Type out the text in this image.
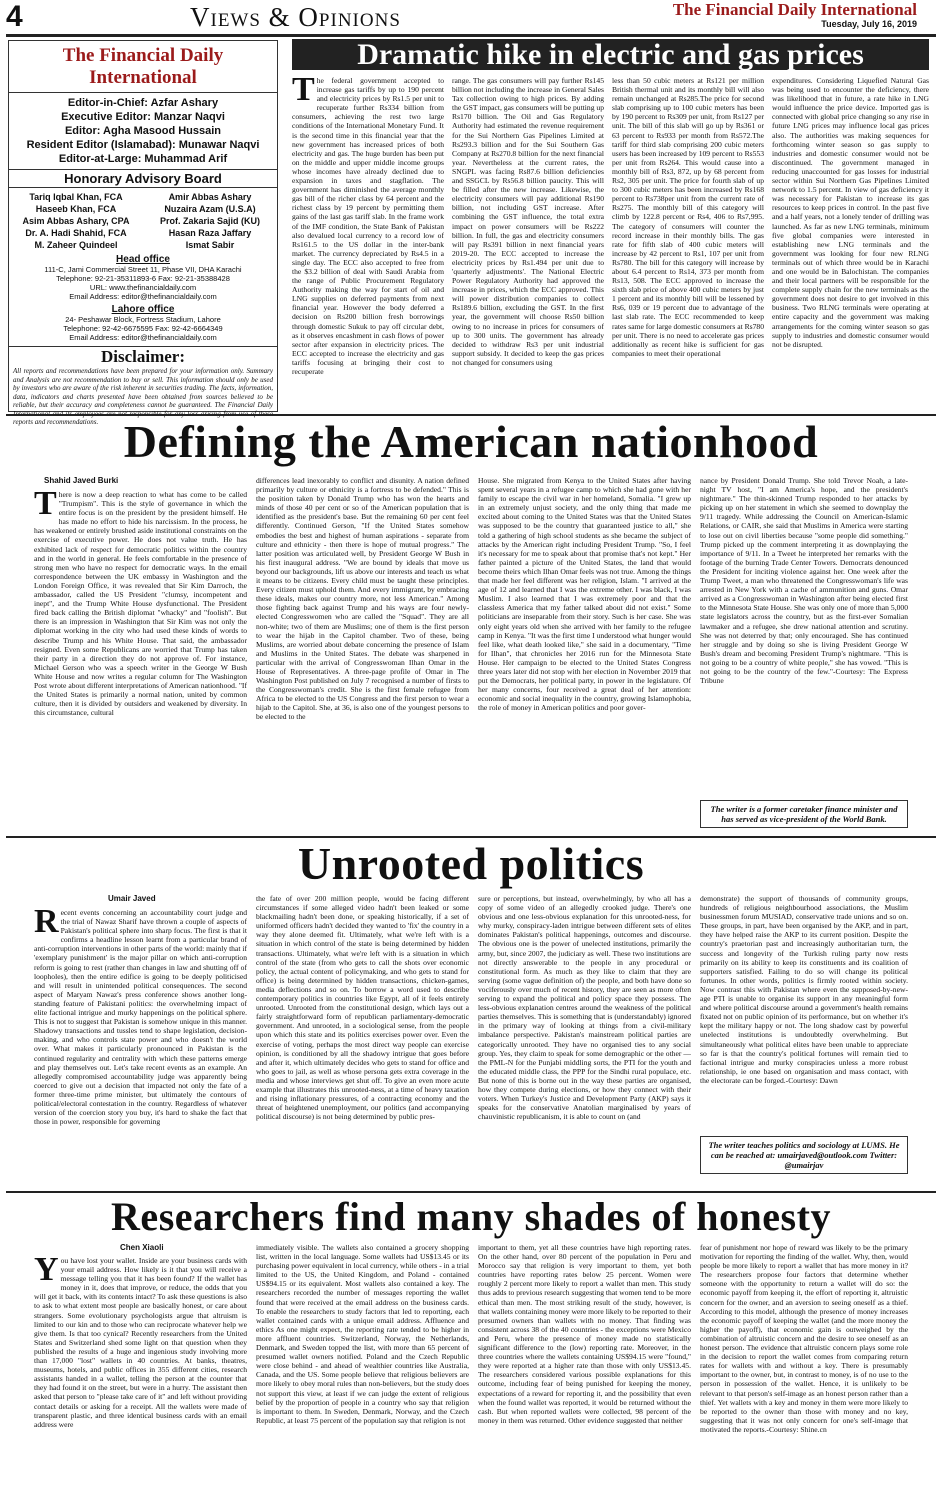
4	Views & Opinions	The Financial Daily International
Tuesday, July 16, 2019
The Financial Daily International
Editor-in-Chief: Azfar Ashary
Executive Editor: Manzar Naqvi
Editor: Agha Masood Hussain
Resident Editor (Islamabad): Munawar Naqvi
Editor-at-Large: Muhammad Arif
Honorary Advisory Board
Tariq Iqbal Khan, FCA	Amir Abbas Ashary
Haseeb Khan, FCA	Nuzaira Azam (U.S.A)
Asim Abbas Ashary, CPA	Prof. Zakaria Sajid (KU)
Dr. A. Hadi Shahid, FCA	Hasan Raza Jaffary
M. Zaheer Quindeel	Ismat Sabir
Head office
111-C, Jami Commercial Street 11, Phase VII, DHA Karachi
Telephone: 92-21-35311893-6 Fax: 92-21-35388428
URL: www.thefinancialdaily.com
Email Address: editor@thefinancialdaily.com
Lahore office
24- Peshawar Block, Fortress Stadium, Lahore
Telephone: 92-42-6675595 Fax: 92-42-6664349
Email Address: editor@thefinancialdaily.com
Disclaimer:
All reports and recommendations have been prepared for your information only. Summary and Analysis are not recommendation to buy or sell. This information should only be used by investors who are aware of the risk inherent in securities trading. The facts, information, data, indicators and charts presented have been obtained from sources believed to be reliable, but their accuracy and completeness cannot be guaranteed. The Financial Daily reports and recommendations.
Dramatic hike in electric and gas prices
The federal government accepted to increase gas tariffs by up to 190 percent and electricity prices by Rs1.5 per unit to recuperate further Rs334 billion from consumers, achieving the rest two large conditions of the International Monetary Fund. It is the second time in this financial year that the new government has increased prices of both electricity and gas. The huge burden has been put on the middle and upper middle income groups whose incomes have already declined due to expansion in taxes and stagflation. The government has diminished the average monthly gas bill of the richer class by 64 percent and the richest class by 19 percent by permitting them gains of the last gas tariff slab. In the frame work of the IMF condition, the State Bank of Pakistan also devalued local currency to a record low of Rs161.5 to the US dollar in the inter-bank market. The currency depreciated by Rs4.5 in a single day. The ECC also accepted to free from the $3.2 billion of deal with Saudi Arabia from the range of Public Procurement Regulatory Authority making the way for start of oil and LNG supplies on deferred payments from next financial year. However the body deferred a decision on Rs200 billion fresh borrowings through domestic Sukuk to pay off circular debt, as it observes encashment in cash flows of power sector after expansion in electricity prices. The ECC accepted to increase the electricity and gas tariffs focusing at bringing their cost to recuperate
range. The gas consumers will pay further Rs145 billion not including the increase in General Sales Tax collection owing to high prices. By adding the GST impact, gas consumers will be putting up Rs170 billion. The Oil and Gas Regulatory Authority had estimated the revenue requirement for the Sui Northern Gas Pipelines Limited at Rs293.3 billion and for the Sui Southern Gas Company at Rs270.8 billion for the next financial year. Nevertheless at the current rates, the SNGPL was facing Rs87.6 billion deficiencies and SSGCL by Rs56.8 billion paucity. This will be filled after the new increase. Likewise, the electricity consumers will pay additional Rs190 billion, not including GST increase. After combining the GST influence, the total extra impact on power consumers will be Rs222 billion. In full, the gas and electricity consumers will pay Rs391 billion in next financial years 2019-20. The ECC accepted to increase the electricity prices by Rs1.494 per unit due to 'quarterly adjustments'. The National Electric Power Regulatory Authority had approved the increase in prices, which the ECC approved. This will power distribution companies to collect Rs189.6 billion, excluding the GST. In the first year, the government will choose Rs50 billion owing to no increase in prices for consumers of up to 300 units. The government has already decided to withdraw Rs3 per unit industrial support subsidy. It decided to keep the gas prices not changed for consumers using
less than 50 cubic meters at Rs121 per million British thermal unit and its monthly bill will also remain unchanged at Rs285.The price for second slab comprising up to 100 cubic meters has been by 190 percent to Rs309 per unit, from Rs127 per unit. The bill of this slab will go up by Rs361 or 63 percent to Rs933 per month from Rs572.The tariff for third slab comprising 200 cubic meters users has been increased by 109 percent to Rs553 per unit from Rs264. This would cause into a monthly bill of Rs3, 872, up by 68 percent from Rs2, 305 per unit. The price for fourth slab of up to 300 cubic meters has been increased by Rs168 percent to Rs738per unit from the current rate of Rs275. The monthly bill of this category will climb by 122.8 percent or Rs4, 406 to Rs7,995. The category of consumers will counter the record increase in their monthly bills. The gas rate for fifth slab of 400 cubic meters will increase by 42 percent to Rs1, 107 per unit from Rs780. The bill for this category will increase by about 6.4 percent to Rs14, 373 per month from Rs13, 508. The ECC approved to increase the sixth slab price of above 400 cubic meters by just 1 percent and its monthly bill will be lessened by Rs6, 039 or 19 percent due to advantage of the last slab rate. The ECC recommended to keep rates same for large domestic consumers at Rs780 per unit. There is no need to accelerate gas prices additionally as recent hike is sufficient for gas companies to meet their operational
expenditures. Considering Liquefied Natural Gas was being used to encounter the deficiency, there was likelihood that in future, a rate hike in LNG would influence the price device. Imported gas is connected with global price changing so any rise in future LNG prices may influence local gas prices also. The authorities was making sequences for forthcoming winter season so gas supply to industries and domestic consumer would not be discontinued. The government managed in reducing unaccounted for gas losses for industrial sector within Sui Northern Gas Pipelines Limited network to 1.5 percent. In view of gas deficiency it was necessary for Pakistan to increase its gas resources to keep prices in control. In the past five and a half years, not a lonely tender of drilling was launched. As far as new LNG terminals, minimum five global companies were interested in establishing new LNG terminals and the government was looking for four new RLNG terminals out of which three would be in Karachi and one would be in Balochistan. The companies and their local partners will be responsible for the complete supply chain for the new terminals as the government does not desire to get involved in this business. Two RLNG terminals were operating at entire capacity and the government was making arrangements for the coming winter season so gas supply to industries and domestic consumer would not be disrupted.
Defining the American nationhood
Shahid Javed Burki
There is now a deep reaction to what has come to be called "Trumpism". This is the style of governance in which the entire focus is on the president by the president himself. He has made no effort to hide his narcissism. In the process, he has weakened or entirely brushed aside institutional constraints on the exercise of executive power. He does not value truth. He has exhibited lack of respect for democratic politics within the country and in the world in general. He feels comfortable in the presence of strong men who have no respect for democratic ways. In the email correspondence between the UK embassy in Washington and the London Foreign Office, it was revealed that Sir Kim Darroch, the ambassador, called the US President "clumsy, incompetent and inept", and the Trump White House dysfunctional. The President fired back calling the British diplomat "whacky" and "foolish". But there is an impression in Washington that Sir Kim was not only the diplomat working in the city who had used these kinds of words to describe Trump and his White House. That said, the ambassador resigned. Even some Republicans are worried that Trump has taken their party in a direction they do not approve of. For instance, Michael Gerson who was a speech writer in the George W Bush White House and now writes a regular column for The Washington Post wrote about different interpretations of American nationhood. "If the United States is primarily a normal nation, united by common culture, then it is divided by outsiders and weakened by diversity. In this circumstance, cultural
differences lead inexorably to conflict and disunity. A nation defined primarily by culture or ethnicity is a fortress to be defended." This is the position taken by Donald Trump who has won the hearts and minds of those 40 per cent or so of the American population that is identified as the president's base. But the remaining 60 per cent feel differently. Continued Gerson, "If the United States somehow embodies the best and highest of human aspirations - separate from culture and ethnicity - then there is hope of mutual progress." The latter position was articulated well, by President George W Bush in his first inaugural address. "We are bound by ideals that move us beyond our backgrounds, lift us above our interests and teach us what it means to be citizens. Every child must be taught these principles. Every citizen must uphold them. And every immigrant, by embracing these ideals, makes our country more, not less American." Among those fighting back against Trump and his ways are four newly-elected Congresswomen who are called the "Squad". They are all non-white; two of them are Muslims; one of them is the first person to wear the hijab in the Capitol chamber. Two of these, being Muslims, are worried about debate concerning the presence of Islam and Muslims in the United States. The debate was sharpened in particular with the arrival of Congresswoman Ilhan Omar in the House of Representatives. A three-page profile of Omar in The Washington Post published on July 7 recognised a number of firsts to the Congresswoman's credit. She is the first female refugee from Africa to be elected to the US Congress and the first person to wear a hijab to the Capitol. She, at 36, is also one of the youngest persons to be elected to the
House. She migrated from Kenya to the United States after having spent several years in a refugee camp to which she had gone with her family to escape the civil war in her homeland, Somalia. "I grew up in an extremely unjust society, and the only thing that made me excited about coming to the United States was that the United States was supposed to be the country that guaranteed justice to all," she told a gathering of high school students as she became the subject of attacks by the American right including President Trump. "So, I feel it's necessary for me to speak about that promise that's not kept." Her father painted a picture of the United States, the land that would become theirs which Ilhan Omar feels was not true. Among the things that made her feel different was her religion, Islam. "I arrived at the age of 12 and learned that I was the extreme other. I was black, I was Muslim. I also learned that I was extremely poor and that the classless America that my father talked about did not exist." Some politicians are inseparable from their story. Such is her case. She was only eight years old when she arrived with her family to the refugee camp in Kenya. "It was the first time I understood what hunger would feel like, what death looked like," she said in a documentary, "Time for Ilhan", that chronicles her 2016 run for the Minnesota State House. Her campaign to be elected to the United States Congress three years later did not stop with her election in November 2019 that put the Democrats, her political party, in power in the legislature. Of her many concerns, four received a great deal of her attention: economic and social inequality in the country, growing Islamophobia, the role of money in American politics and poor gover-
nance by President Donald Trump. She told Trevor Noah, a late-night TV host, "I am America's hope, and the president's nightmare." The thin-skinned Trump responded to her attacks by picking up on her statement in which she seemed to downplay the 9/11 tragedy. While addressing the Council on American-Islamic Relations, or CAIR, she said that Muslims in America were starting to lose out on civil liberties because "some people did something." Trump picked up the comment interpreting it as downplaying the importance of 9/11. In a Tweet he interpreted her remarks with the footage of the burning Trade Center Towers. Democrats denounced the President for inciting violence against her. One week after the Trump Tweet, a man who threatened the Congresswoman's life was arrested in New York with a cache of ammunition and guns. Omar arrived as a Congresswoman in Washington after being elected first to the Minnesota State House. She was only one of more than 5,000 state legislators across the country, but as the first-ever Somalian lawmaker and a refugee, she drew national attention and scrutiny. She was not deterred by that; only encouraged. She has continued her struggle and by doing so she is living President George W Bush's dream and becoming President Trump's nightmare. "This is not going to be a country of white people," she has vowed. "This is not going to be the country of the few."-Courtesy: The Express Tribune
The writer is a former caretaker finance minister and has served as vice-president of the World Bank.
Unrooted politics
Umair Javed
Recent events concerning an accountability court judge and the trial of Nawaz Sharif have thrown a couple of aspects of Pakistan's political sphere into sharp focus. The first is that it confirms a headline lesson learnt from a particular brand of anti-corruption interventions in other parts of the world: mainly that if 'exemplary punishment' is the major pillar on which anti-corruption reform is going to rest (rather than changes in law and shutting off of loopholes), then the entire edifice is going to be deeply politicised and will result in unintended political consequences. The second aspect of Maryam Nawaz's press conference shows another long-standing feature of Pakistani politics: the overwhelming impact of elite factional intrigue and murky happenings on the political sphere. This is not to suggest that Pakistan is somehow unique in this manner. Shadowy transactions and tussles tend to shape legislation, decision-making, and who controls state power and who doesn't the world over. What makes it particularly pronounced in Pakistan is the continued regularity and centrality with which these patterns emerge and play themselves out. Let's take recent events as an example. An allegedly compromised accountability judge was apparently being coerced to give out a decision that impacted not only the fate of a former three-time prime minister, but ultimately the contours of political/electoral contestation in the country. Regardless of whatever version of the coercion story you buy, it's hard to shake the fact that those in power, responsible for governing
the fate of over 200 million people, would be facing different circumstances if some alleged video hadn't been leaked or some blackmailing hadn't been done, or speaking historically, if a set of uniformed officers hadn't decided they wanted to 'fix' the country in a way they alone deemed fit. Ultimately, what we're left with is a situation in which control of the state is being determined by hidden transactions. Ultimately, what we're left with is a situation in which control of the state (from who gets to call the shots over economic policy, the actual content of policymaking, and who gets to stand for office) is being determined by hidden transactions, chicken-games, media deflections and so on. To borrow a word used to describe contemporary politics in countries like Egypt, all of it feels entirely unrooted. Unrooted from the constitutional design, which lays out a fairly straightforward form of republican parliamentary-democratic government. And unrooted, in a sociological sense, from the people upon which this state and its politics exercises power over. Even the exercise of voting, perhaps the most direct way people can exercise opinion, is conditioned by all the shadowy intrigue that goes before and after it, which ultimately decides who gets to stand for office and who goes to jail, as well as whose persona gets extra coverage in the media and whose interviews get shut off. To give an even more acute example that illustrates this unrooted-ness, at a time of heavy taxation and rising inflationary pressures, of a contracting economy and the threat of heightened unemployment, our politics (and accompanying political discourse) is not being determined by public pres-
sure or perceptions, but instead, overwhelmingly, by who all has a copy of some video of an allegedly crooked judge. There's one obvious and one less-obvious explanation for this unrooted-ness, for why murky, conspiracy-laden intrigue between different sets of elites dominates Pakistan's political happenings, outcomes and discourse. The obvious one is the power of unelected institutions, primarily the army, but, since 2007, the judiciary as well. These two institutions are not directly answerable to the people in any procedural or constitutional form. As much as they like to claim that they are serving (some vague definition of) the people, and both have done so vociferously over much of recent history, they are seen as more often serving to expand the political and policy space they possess. The less-obvious explanation centres around the weakness of the political parties themselves. This is something that is (understandably) ignored in the primary way of looking at things from a civil-military imbalance perspective. Pakistan's mainstream political parties are categorically unrooted. They have no organised ties to any social group. Yes, they claim to speak for some demographic or the other — the PML-N for the Punjabi middling sorts, the PTI for the youth and the educated middle class, the PPP for the Sindhi rural populace, etc. But none of this is borne out in the way these parties are organised, how they compete during elections, or how they connect with their voters. When Turkey's Justice and Development Party (AKP) says it speaks for the conservative Anatolian marginalised by years of chauvinistic republicanism, it is able to count on (and
demonstrate) the support of thousands of community groups, hundreds of religious neighbourhood associations, the Muslim businessmen forum MUSIAD, conservative trade unions and so on. These groups, in part, have been organised by the AKP, and in part, they have helped raise the AKP to its current position. Despite the country's praetorian past and increasingly authoritarian turn, the success and longevity of the Turkish ruling party now rests primarily on its ability to keep its constituents and its coalition of supporters satisfied. Failing to do so will change its political fortunes. In other words, politics is firmly rooted within society. Now contrast this with Pakistan where even the supposed-by-new-age PTI is unable to organise its support in any meaningful form and where political discourse around a government's health remains fixated not on public opinion of its performance, but on whether it's kept the military happy or not. The long shadow cast by powerful unelected institutions is undoubtedly overwhelming. But simultaneously what political elites have been unable to appreciate so far is that the country's political fortunes will remain tied to factional intrigue and murky conspiracies unless a more robust relationship, ie one based on organisation and mass contact, with the electorate can be forged.-Courtesy: Dawn
The writer teaches politics and sociology at LUMS. He can be reached at: umairjaved@outlook.com Twitter: @umairjav
Researchers find many shades of honesty
Chen Xiaoli
You have lost your wallet. Inside are your business cards with your email address. How likely is it that you will receive a message telling you that it has been found? If the wallet has money in it, does that improve, or reduce, the odds that you will get it back, with its contents intact? To ask these questions is also to ask to what extent most people are basically honest, or care about strangers. Some evolutionary psychologists argue that altruism is limited to our kin and to those who can reciprocate whatever help we give them. Is that too cynical? Recently researchers from the United States and Switzerland shed some light on that question when they published the results of a huge and ingenious study involving more than 17,000 "lost" wallets in 40 countries. At banks, theatres, museums, hotels, and public offices in 355 different cities, research assistants handed in a wallet, telling the person at the counter that they had found it on the street, but were in a hurry. The assistant then asked that person to "please take care of it" and left without providing contact details or asking for a receipt. All the wallets were made of transparent plastic, and three identical business cards with an email address were
immediately visible. The wallets also contained a grocery shopping list, written in the local language. Some wallets had US$13.45 or its purchasing power equivalent in local currency, while others - in a trial limited to the US, the United Kingdom, and Poland - contained US$94.15 or its equivalent. Most wallets also contained a key. The researchers recorded the number of messages reporting the wallet found that were received at the email address on the business cards. To enable the researchers to study factors that led to reporting, each wallet contained cards with a unique email address. Affluence and ethics As one might expect, the reporting rate tended to be higher in more affluent countries. Switzerland, Norway, the Netherlands, Denmark, and Sweden topped the list, with more than 65 percent of presumed wallet owners notified. Poland and the Czech Republic were close behind - and ahead of wealthier countries like Australia, Canada, and the US. Some people believe that religious believers are more likely to obey moral rules than non-believers, but the study does not support this view, at least if we can judge the extent of religious belief by the proportion of people in a country who say that religion is important to them. In Sweden, Denmark, Norway, and the Czech Republic, at least 75 percent of the population say that religion is not
important to them, yet all these countries have high reporting rates. On the other hand, over 80 percent of the population in Peru and Morocco say that religion is very important to them, yet both countries have reporting rates below 25 percent. Women were roughly 2 percent more likely to report a wallet than men. This study thus adds to previous research suggesting that women tend to be more ethical than men. The most striking result of the study, however, is that wallets containing money were more likely to be reported to their presumed owners than wallets with no money. That finding was consistent across 38 of the 40 countries - the exceptions were Mexico and Peru, where the presence of money made no statistically significant difference to the (low) reporting rate. Moreover, in the three countries where the wallets containing US$94.15 were "found," they were reported at a higher rate than those with only US$13.45. The researchers considered various possible explanations for this outcome, including fear of being punished for keeping the money, expectations of a reward for reporting it, and the possibility that even when the found wallet was reported, it would be returned without the cash. But when reported wallets were collected, 98 percent of the money in them was returned. Other evidence suggested that neither
fear of punishment nor hope of reward was likely to be the primary motivation for reporting the finding of the wallet. Why, then, would people be more likely to report a wallet that has more money in it? The researchers propose four factors that determine whether someone with the opportunity to return a wallet will do so: the economic payoff from keeping it, the effort of reporting it, altruistic concern for the owner, and an aversion to seeing oneself as a thief. According to this model, although the presence of money increases the economic payoff of keeping the wallet (and the more money the higher the payoff), that economic gain is outweighed by the combination of altruistic concern and the desire to see oneself as an honest person. The evidence that altruistic concern plays some role in the decision to report the wallet comes from comparing return rates for wallets with and without a key. There is presumably important to the owner, but, in contrast to money, is of no use to the person in possession of the wallet. Hence, it is unlikely to be relevant to that person's self-image as an honest person rather than a thief. Yet wallets with a key and money in them were more likely to be reported to the owner than those with money and no key, suggesting that it was not only concern for one's self-image that motivated the reports.-Courtesy: Shine.cn
